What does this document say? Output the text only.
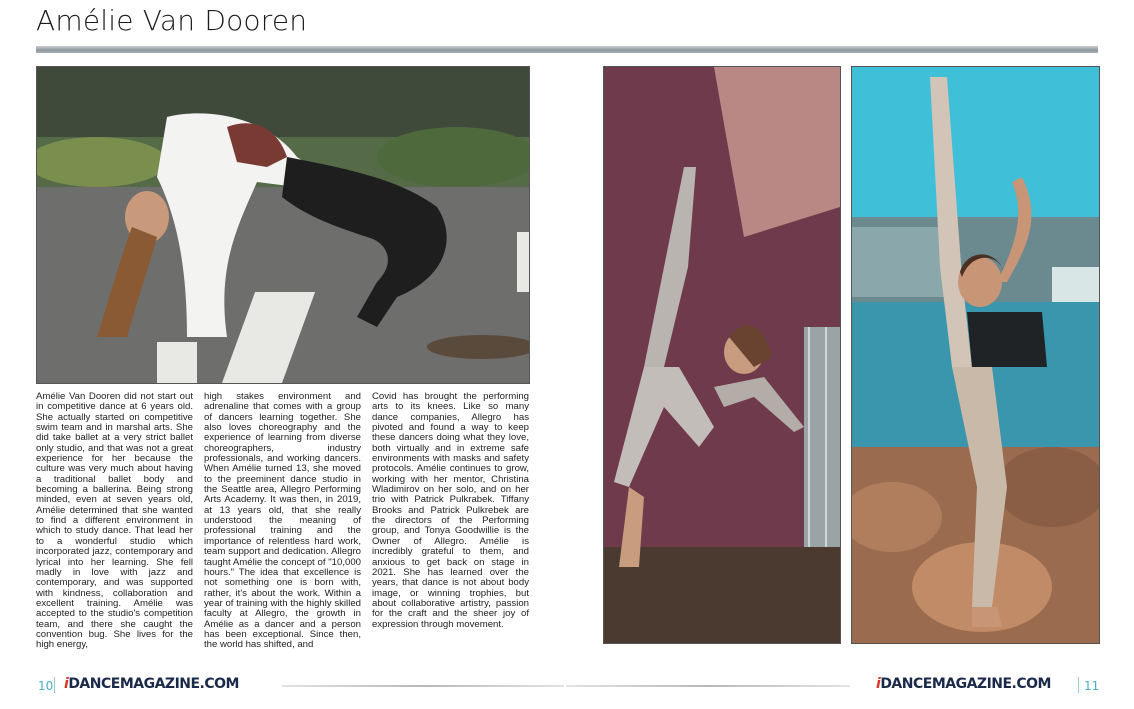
Amélie Van Dooren
Amélie Van Dooren did not start out in competitive dance at 6 years old. She actually started on competitive swim team and in marshal arts. She did take ballet at a very strict ballet only studio, and that was not a great experience for her because the culture was very much about having a traditional ballet body and becoming a ballerina. Being strong minded, even at seven years old, Amélie determined that she wanted to find a different environment in which to study dance. That lead her to a wonderful studio which incorporated jazz, contemporary and lyrical into her learning. She fell madly in love with jazz and contemporary, and was supported with kindness, collaboration and excellent training. Amélie was accepted to the studio's competition team, and there she caught the convention bug. She lives for the high energy,
high stakes environment and adrenaline that comes with a group of dancers learning together. She also loves choreography and the experience of learning from diverse choreographers, industry professionals, and working dancers. When Amélie turned 13, she moved to the preeminent dance studio in the Seattle area, Allegro Performing Arts Academy. It was then, in 2019, at 13 years old, that she really understood the meaning of professional training and the importance of relentless hard work, team support and dedication. Allegro taught Amélie the concept of "10,000 hours." The idea that excellence is not something one is born with, rather, it's about the work. Within a year of training with the highly skilled faculty at Allegro, the growth in Amélie as a dancer and a person has been exceptional. Since then, the world has shifted, and
Covid has brought the performing arts to its knees. Like so many dance companies, Allegro has pivoted and found a way to keep these dancers doing what they love, both virtually and in extreme safe environments with masks and safety protocols. Amélie continues to grow, working with her mentor, Christina Wladimirov on her solo, and on her trio with Patrick Pulkrabek. Tiffany Brooks and Patrick Pulkrebek are the directors of the Performing group, and Tonya Goodwillie is the Owner of Allegro. Amélie is incredibly grateful to them, and anxious to get back on stage in 2021. She has learned over the years, that dance is not about body image, or winning trophies, but about collaborative artistry, passion for the craft and the sheer joy of expression through movement.
10 iDANCEMAGAZINE.COM	iDANCEMAGAZINE.COM	11
